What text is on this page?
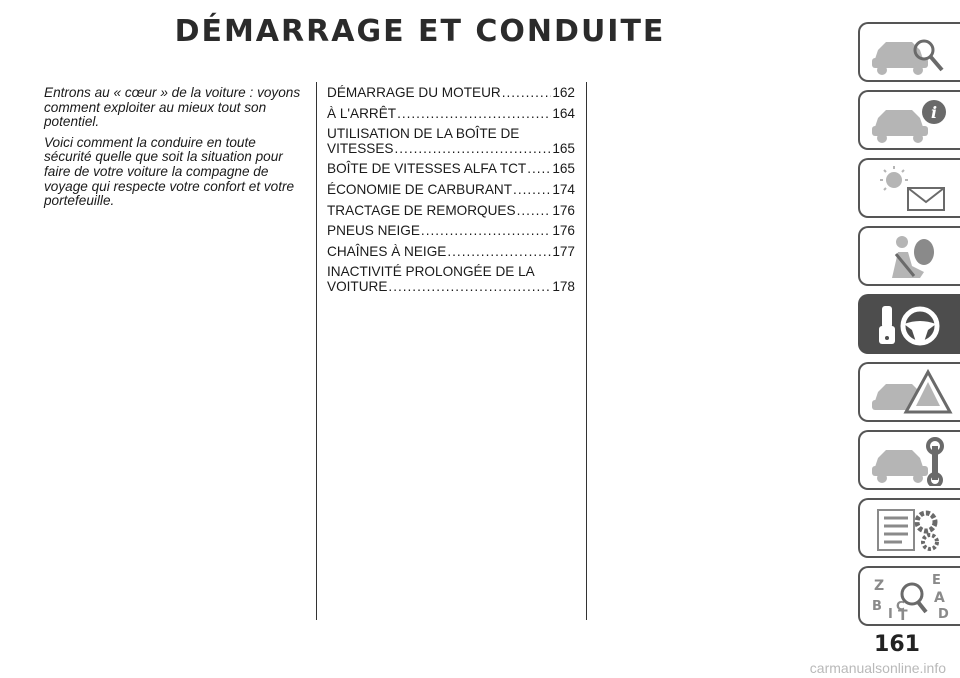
DÉMARRAGE ET CONDUITE

Entrons au « cœur » de la voiture : voyons comment exploiter au mieux tout son potentiel.

Voici comment la conduire en toute sécurité quelle que soit la situation pour faire de votre voiture la compagne de voyage qui respecte votre confort et votre portefeuille.

DÉMARRAGE DU MOTEUR .....	162
À L'ARRÊT .....	164
UTILISATION DE LA BOÎTE DE
VITESSES .....	165
BOÎTE DE VITESSES ALFA TCT ..... 165
ÉCONOMIE DE CARBURANT .....	174
TRACTAGE DE REMORQUES .....	176
PNEUS NEIGE .....	176
CHAÎNES À NEIGE .....	177
INACTIVITÉ PROLONGÉE DE LA
VOITURE .....	178
i
Z	E
A
B
I T
C
D
161
carmanualsonline.info
